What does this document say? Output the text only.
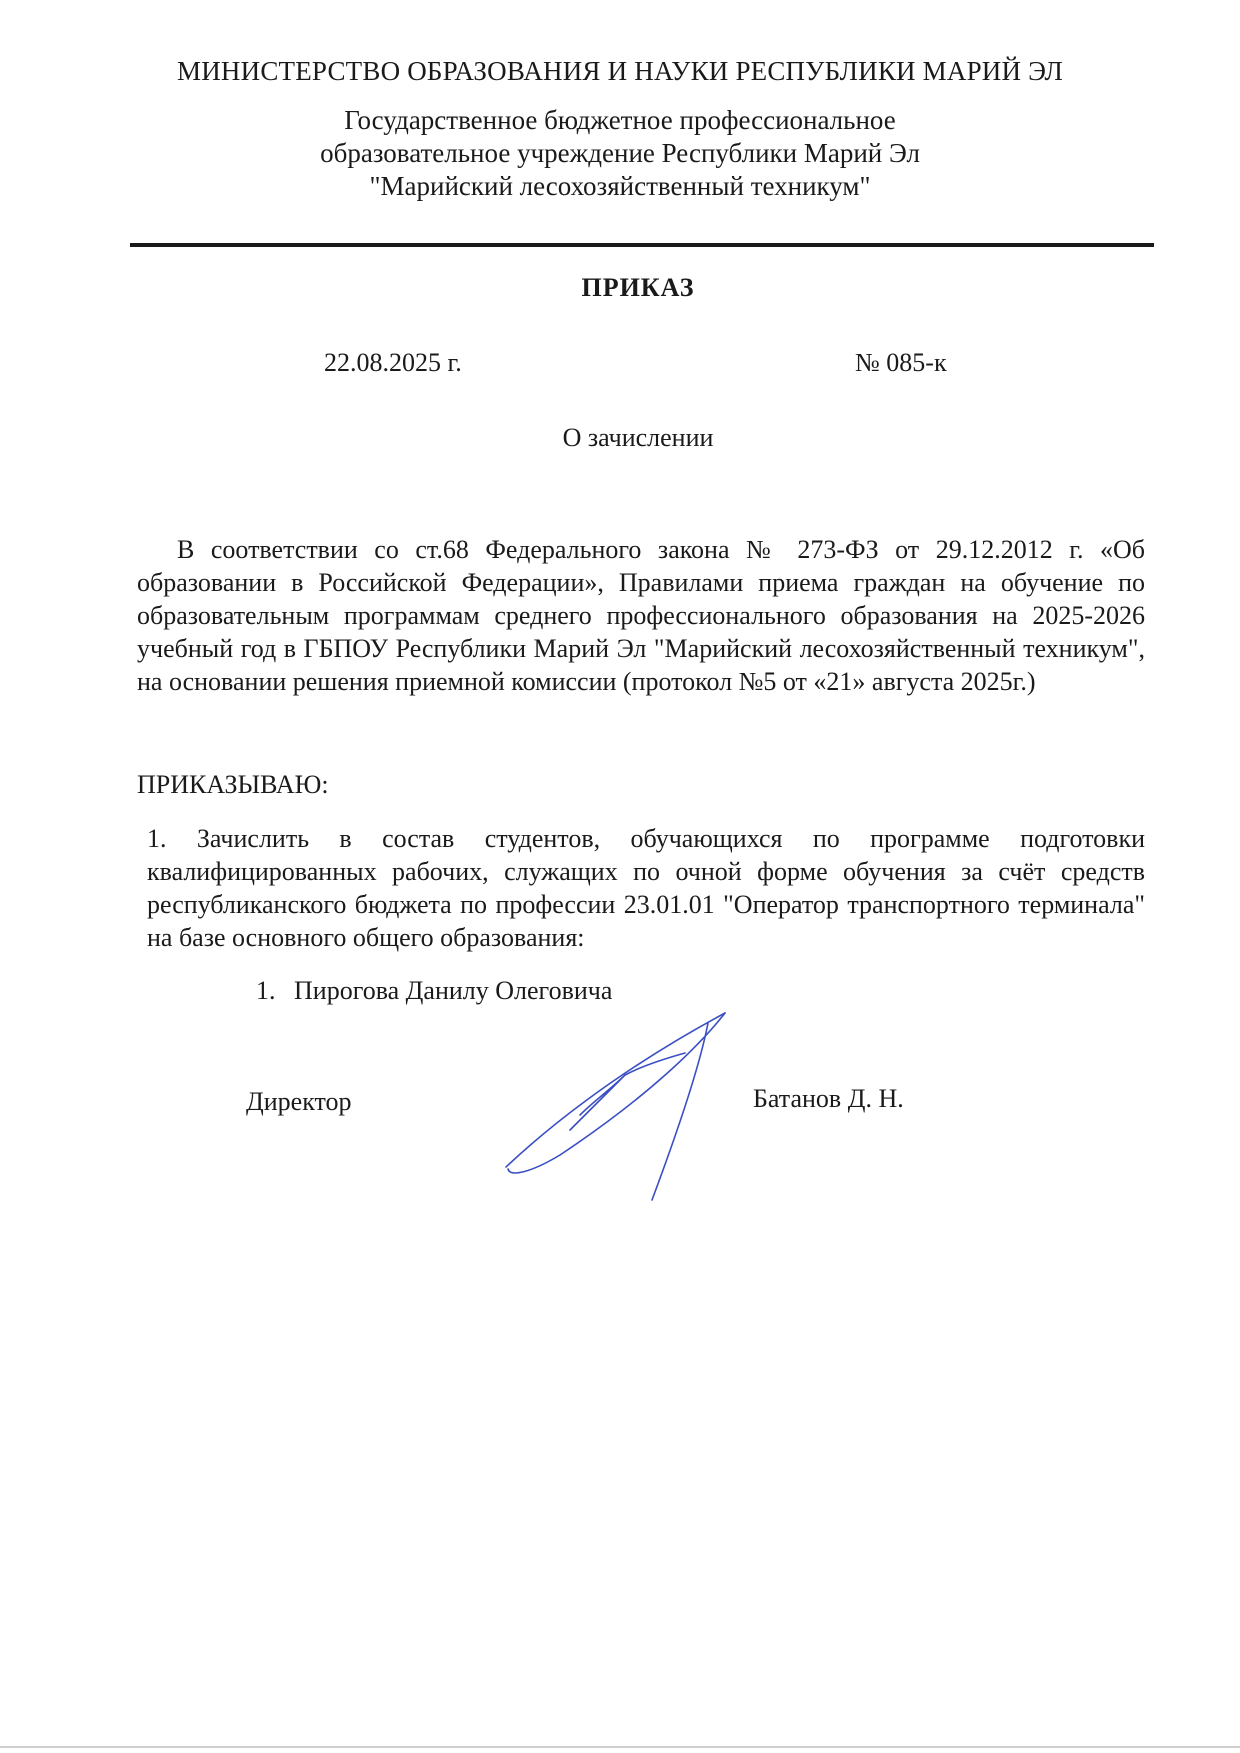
МИНИСТЕРСТВО ОБРАЗОВАНИЯ И НАУКИ РЕСПУБЛИКИ МАРИЙ ЭЛ
Государственное бюджетное профессиональное
образовательное учреждение Республики Марий Эл
"Марийский лесохозяйственный техникум"
ПРИКАЗ
22.08.2025 г.	№ 085-к
О зачислении

В соответствии со ст.68 Федерального закона № 273-ФЗ от 29.12.2012 г. «Об образовании в Российской Федерации», Правилами приема граждан на обучение по образовательным программам среднего профессионального образования на 2025-2026 учебный год в ГБПОУ Республики Марий Эл "Марийский лесохозяйственный техникум", на основании решения приемной комиссии (протокол №5 от «21» августа 2025г.)

ПРИКАЗЫВАЮ:

1. Зачислить в состав студентов, обучающихся по программе подготовки квалифицированных рабочих, служащих по очной форме обучения за счёт средств республиканского бюджета по профессии 23.01.01 "Оператор транспортного терминала" на базе основного общего образования:

1. Пирогова Данилу Олеговича
Директор	Батанов Д. Н.
